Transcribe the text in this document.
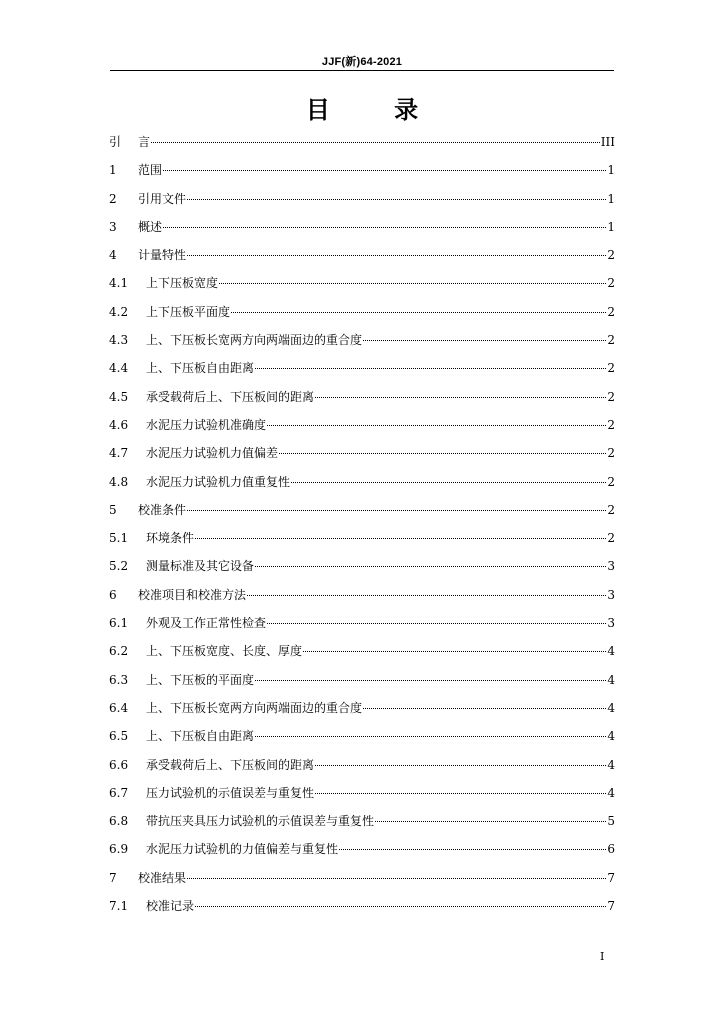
JJF(新)64-2021
目 录
引	言	III
1	范围	1
2	引用文件	1
3	概述	1
4	计量特性	2
4.1	上下压板宽度	2
4.2	上下压板平面度	2
4.3	上、下压板长宽两方向两端面边的重合度	2
4.4	上、下压板自由距离	2
4.5	承受载荷后上、下压板间的距离	2
4.6	水泥压力试验机准确度	2
4.7	水泥压力试验机力值偏差	2
4.8	水泥压力试验机力值重复性	2
5	校准条件	2
5.1	环境条件	2
5.2	测量标准及其它设备	3
6	校准项目和校准方法	3
6.1	外观及工作正常性检查	3
6.2	上、下压板宽度、长度、厚度	4
6.3	上、下压板的平面度	4
6.4	上、下压板长宽两方向两端面边的重合度	4
6.5	上、下压板自由距离	4
6.6	承受载荷后上、下压板间的距离	4
6.7	压力试验机的示值误差与重复性	4
6.8	带抗压夹具压力试验机的示值误差与重复性	5
6.9	水泥压力试验机的力值偏差与重复性	6
7	校准结果	7
7.1	校准记录	7
I
